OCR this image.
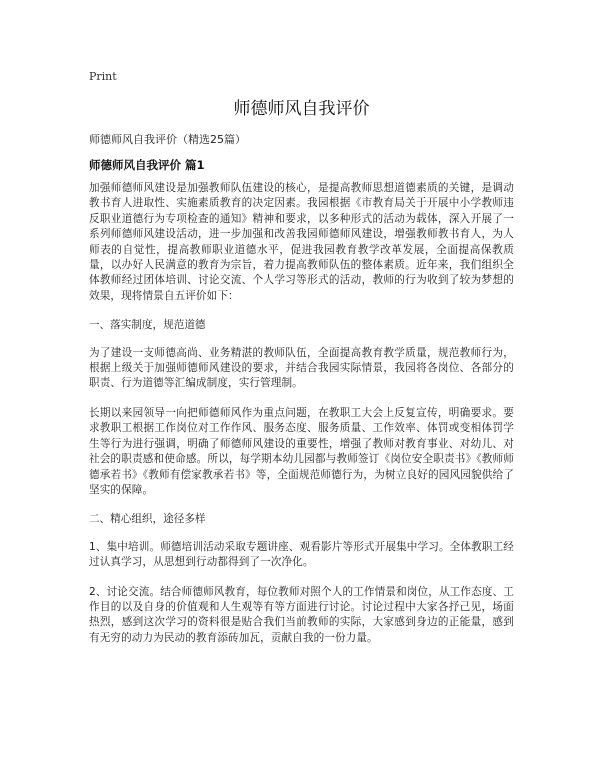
Print
师德师风自我评价
师德师风自我评价（精选25篇）
师德师风自我评价 篇1

加强师德师风建设是加强教师队伍建设的核心，是提高教师思想道德素质的关键，是调动教书育人进取性、实施素质教育的决定因素。我园根据《市教育局关于开展中小学教师违反职业道德行为专项检查的通知》精神和要求，以多种形式的活动为载体，深入开展了一系列师德师风建设活动，进一步加强和改善我园师德师风建设，增强教师教书育人，为人师表的自觉性，提高教师职业道德水平，促进我园教育教学改革发展，全面提高保教质量，以办好人民满意的教育为宗旨，着力提高教师队伍的整体素质。近年来，我们组织全体教师经过团体培训、讨论交流、个人学习等形式的活动，教师的行为收到了较为梦想的效果，现将情景自五评价如下：

一、落实制度，规范道德

为了建设一支师德高尚、业务精湛的教师队伍，全面提高教育教学质量，规范教师行为，根据上级关于加强师德师风建设的要求，并结合我园实际情景，我园将各岗位、各部分的职责、行为道德等汇编成制度，实行管理制。

长期以来园领导一向把师德师风作为重点问题，在教职工大会上反复宣传，明确要求。要求教职工根据工作岗位对工作作风、服务态度、服务质量、工作效率、体罚或变相体罚学生等行为进行强调，明确了师德师风建设的重要性，增强了教师对教育事业、对幼儿、对社会的职责感和使命感。所以，每学期本幼儿园都与教师签订《岗位安全职责书》《教师师德承若书》《教师有偿家教承若书》等，全面规范师德行为，为树立良好的园风园貌供给了坚实的保障。

二、精心组织，途径多样

1、集中培训。师德培训活动采取专题讲座、观看影片等形式开展集中学习。全体教职工经过认真学习，从思想到行动都得到了一次净化。

2、讨论交流。结合师德师风教育，每位教师对照个人的工作情景和岗位，从工作态度、工作目的以及自身的价值观和人生观等有等方面进行讨论。讨论过程中大家各抒己见，场面热烈，感到这次学习的资料很是贴合我们当前教师的实际，大家感到身边的正能量，感到有无穷的动力为民动的教育添砖加瓦，贡献自我的一份力量。
